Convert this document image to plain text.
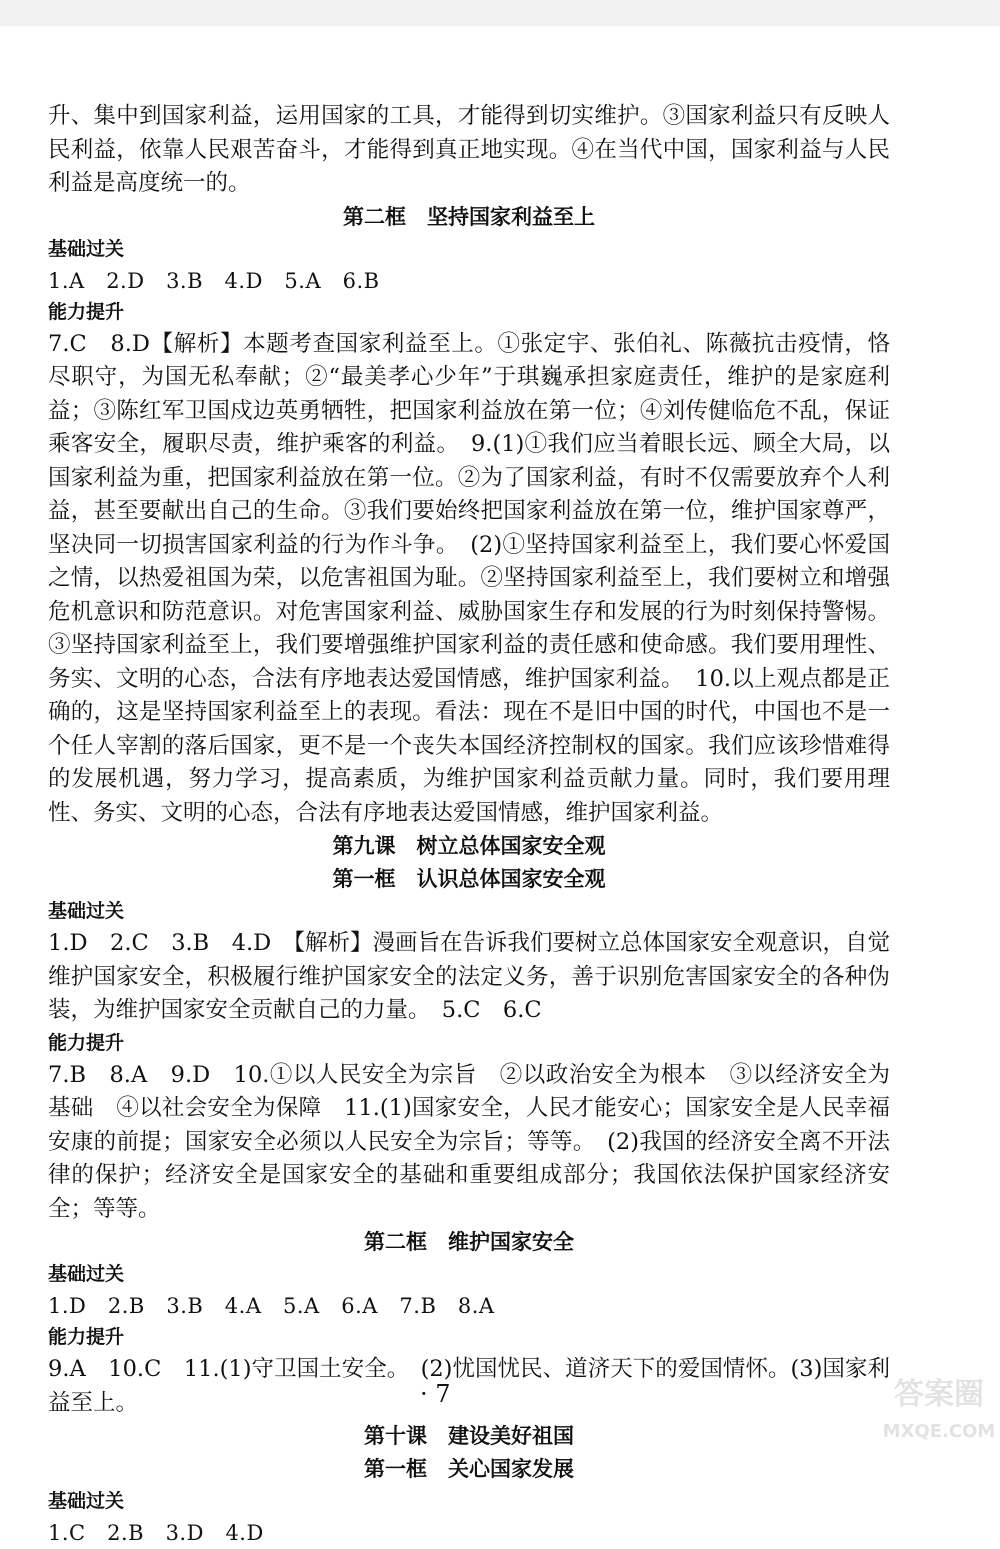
升、集中到国家利益，运用国家的工具，才能得到切实维护。③国家利益只有反映人民利益，依靠人民艰苦奋斗，才能得到真正地实现。④在当代中国，国家利益与人民利益是高度统一的。

第二框　坚持国家利益至上
基础过关
1.A　2.D　3.B　4.D　5.A　6.B
能力提升

7.C　8.D【解析】本题考查国家利益至上。①张定宇、张伯礼、陈薇抗击疫情，恪尽职守，为国无私奉献；②“最美孝心少年”于琪巍承担家庭责任，维护的是家庭利益；③陈红军卫国戍边英勇牺牲，把国家利益放在第一位；④刘传健临危不乱，保证乘客安全，履职尽责，维护乘客的利益。　9.(1)①我们应当着眼长远、顾全大局，以国家利益为重，把国家利益放在第一位。②为了国家利益，有时不仅需要放弃个人利益，甚至要献出自己的生命。③我们要始终把国家利益放在第一位，维护国家尊严，坚决同一切损害国家利益的行为作斗争。　(2)①坚持国家利益至上，我们要心怀爱国之情，以热爱祖国为荣，以危害祖国为耻。②坚持国家利益至上，我们要树立和增强危机意识和防范意识。对危害国家利益、威胁国家生存和发展的行为时刻保持警惕。③坚持国家利益至上，我们要增强维护国家利益的责任感和使命感。我们要用理性、务实、文明的心态，合法有序地表达爱国情感，维护国家利益。　10.以上观点都是正确的，这是坚持国家利益至上的表现。看法：现在不是旧中国的时代，中国也不是一个任人宰割的落后国家，更不是一个丧失本国经济控制权的国家。我们应该珍惜难得的发展机遇，努力学习，提高素质，为维护国家利益贡献力量。同时，我们要用理性、务实、文明的心态，合法有序地表达爱国情感，维护国家利益。

第九课　树立总体国家安全观
第一框　认识总体国家安全观
基础过关

1.D　2.C　3.B　4.D　【解析】漫画旨在告诉我们要树立总体国家安全观意识，自觉维护国家安全，积极履行维护国家安全的法定义务，善于识别危害国家安全的各种伪装，为维护国家安全贡献自己的力量。　5.C　6.C

能力提升

7.B　8.A　9.D　10.①以人民安全为宗旨　②以政治安全为根本　③以经济安全为基础　④以社会安全为保障　11.(1)国家安全，人民才能安心；国家安全是人民幸福安康的前提；国家安全必须以人民安全为宗旨；等等。　(2)我国的经济安全离不开法律的保护；经济安全是国家安全的基础和重要组成部分；我国依法保护国家经济安全；等等。

第二框　维护国家安全
基础过关
1.D　2.B　3.B　4.A　5.A　6.A　7.B　8.A
能力提升

9.A　10.C　11.(1)守卫国土安全。　(2)忧国忧民、道济天下的爱国情怀。(3)国家利益至上。

第十课　建设美好祖国
第一框　关心国家发展
基础过关
1.C　2.B　3.D　4.D
· 7	答案圈
MXQE.COM
